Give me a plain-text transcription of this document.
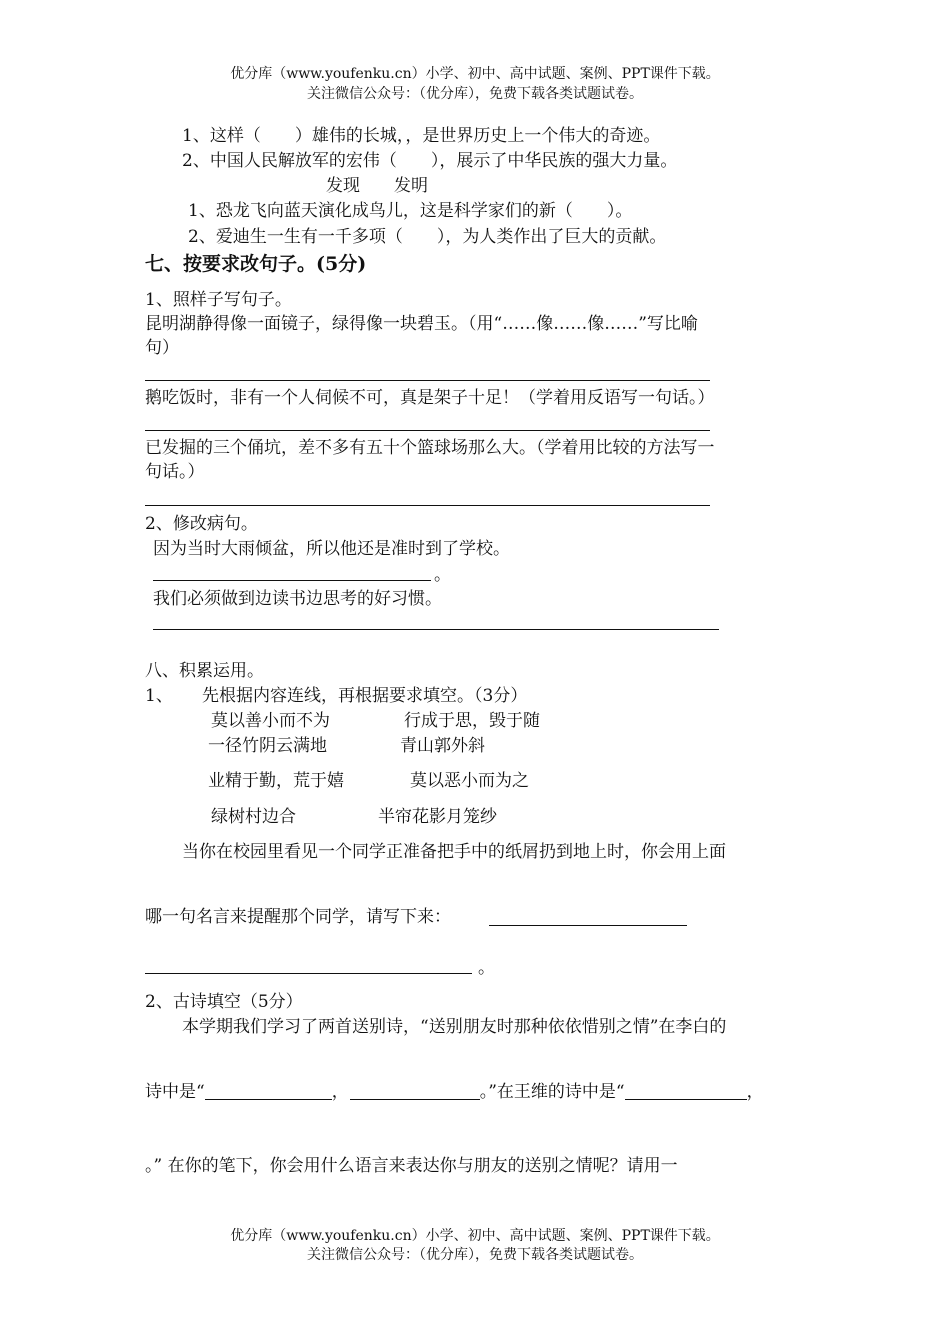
优分库（www.youfenku.cn）小学、初中、高中试题、案例、PPT课件下载。
关注微信公众号：（优分库），免费下载各类试题试卷。
1、这样（　　）雄伟的长城，，是世界历史上一个伟大的奇迹。
2、中国人民解放军的宏伟（　　），展示了中华民族的强大力量。
发现　　发明
1、恐龙飞向蓝天演化成鸟儿，这是科学家们的新（　　）。
2、爱迪生一生有一千多项（　　），为人类作出了巨大的贡献。
七、按要求改句子。(5分)
1、照样子写句子。
昆明湖静得像一面镜子，绿得像一块碧玉。（用“……像……像……”写比喻
句）
鹅吃饭时，非有一个人伺候不可，真是架子十足！（学着用反语写一句话。）
已发掘的三个俑坑，差不多有五十个篮球场那么大。（学着用比较的方法写一
句话。）
2、修改病句。
因为当时大雨倾盆，所以他还是准时到了学校。
。
我们必须做到边读书边思考的好习惯。
八、积累运用。
1、 先根据内容连线，再根据要求填空。（3分）
莫以善小而不为	行成于思，毁于随
一径竹阴云满地	青山郭外斜
业精于勤，荒于嬉	莫以恶小而为之
绿树村边合	半帘花影月笼纱
当你在校园里看见一个同学正准备把手中的纸屑扔到地上时，你会用上面
哪一句名言来提醒那个同学，请写下来：
。
2、古诗填空（5分）
本学期我们学习了两首送别诗，“送别朋友时那种依依惜别之情”在李白的
诗中是“	，	。”在王维的诗中是“	，
。” 在你的笔下，你会用什么语言来表达你与朋友的送别之情呢？请用一
优分库（www.youfenku.cn）小学、初中、高中试题、案例、PPT课件下载。
关注微信公众号：（优分库），免费下载各类试题试卷。
